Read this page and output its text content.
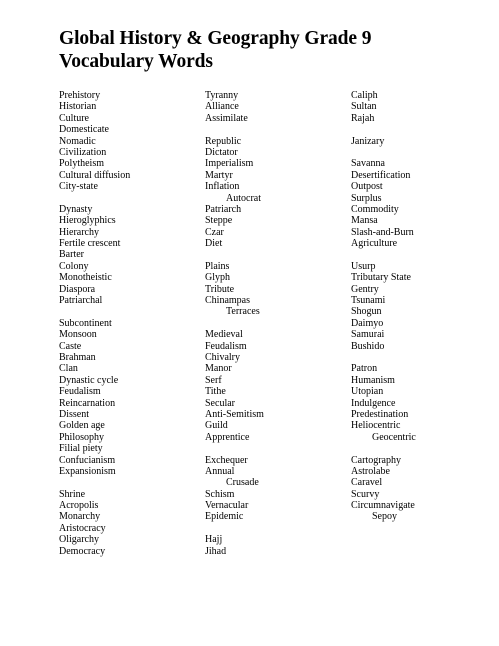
Global History & Geography Grade 9 Vocabulary Words
Prehistory
Historian
Culture
Domesticate
Nomadic
Civilization
Polytheism
Cultural diffusion
City-state
Dynasty
Hieroglyphics
Hierarchy
Fertile crescent
Barter
Colony
Monotheistic
Diaspora
Patriarchal
Subcontinent
Monsoon
Caste
Brahman
Clan
Dynastic cycle
Feudalism
Reincarnation
Dissent
Golden age
Philosophy
Filial piety
Confucianism
Expansionism
Shrine
Acropolis
Monarchy
Aristocracy
Oligarchy
Democracy
Tyranny
Alliance
Assimilate
Republic
Dictator
Imperialism
Martyr
Inflation
Autocrat
Patriarch
Steppe
Czar
Diet
Plains
Glyph
Tribute
Chinampas
Terraces
Medieval
Feudalism
Chivalry
Manor
Serf
Tithe
Secular
Anti-Semitism
Guild
Apprentice
Exchequer
Annual
Crusade
Schism
Vernacular
Epidemic
Hajj
Jihad
Caliph
Sultan
Rajah
Janizary
Savanna
Desertification
Outpost
Surplus
Commodity
Mansa
Slash-and-Burn
Agriculture
Usurp
Tributary State
Gentry
Tsunami
Shogun
Daimyo
Samurai
Bushido
Patron
Humanism
Utopian
Indulgence
Predestination
Heliocentric
Geocentric
Cartography
Astrolabe
Caravel
Scurvy
Circumnavigate
Sepoy
